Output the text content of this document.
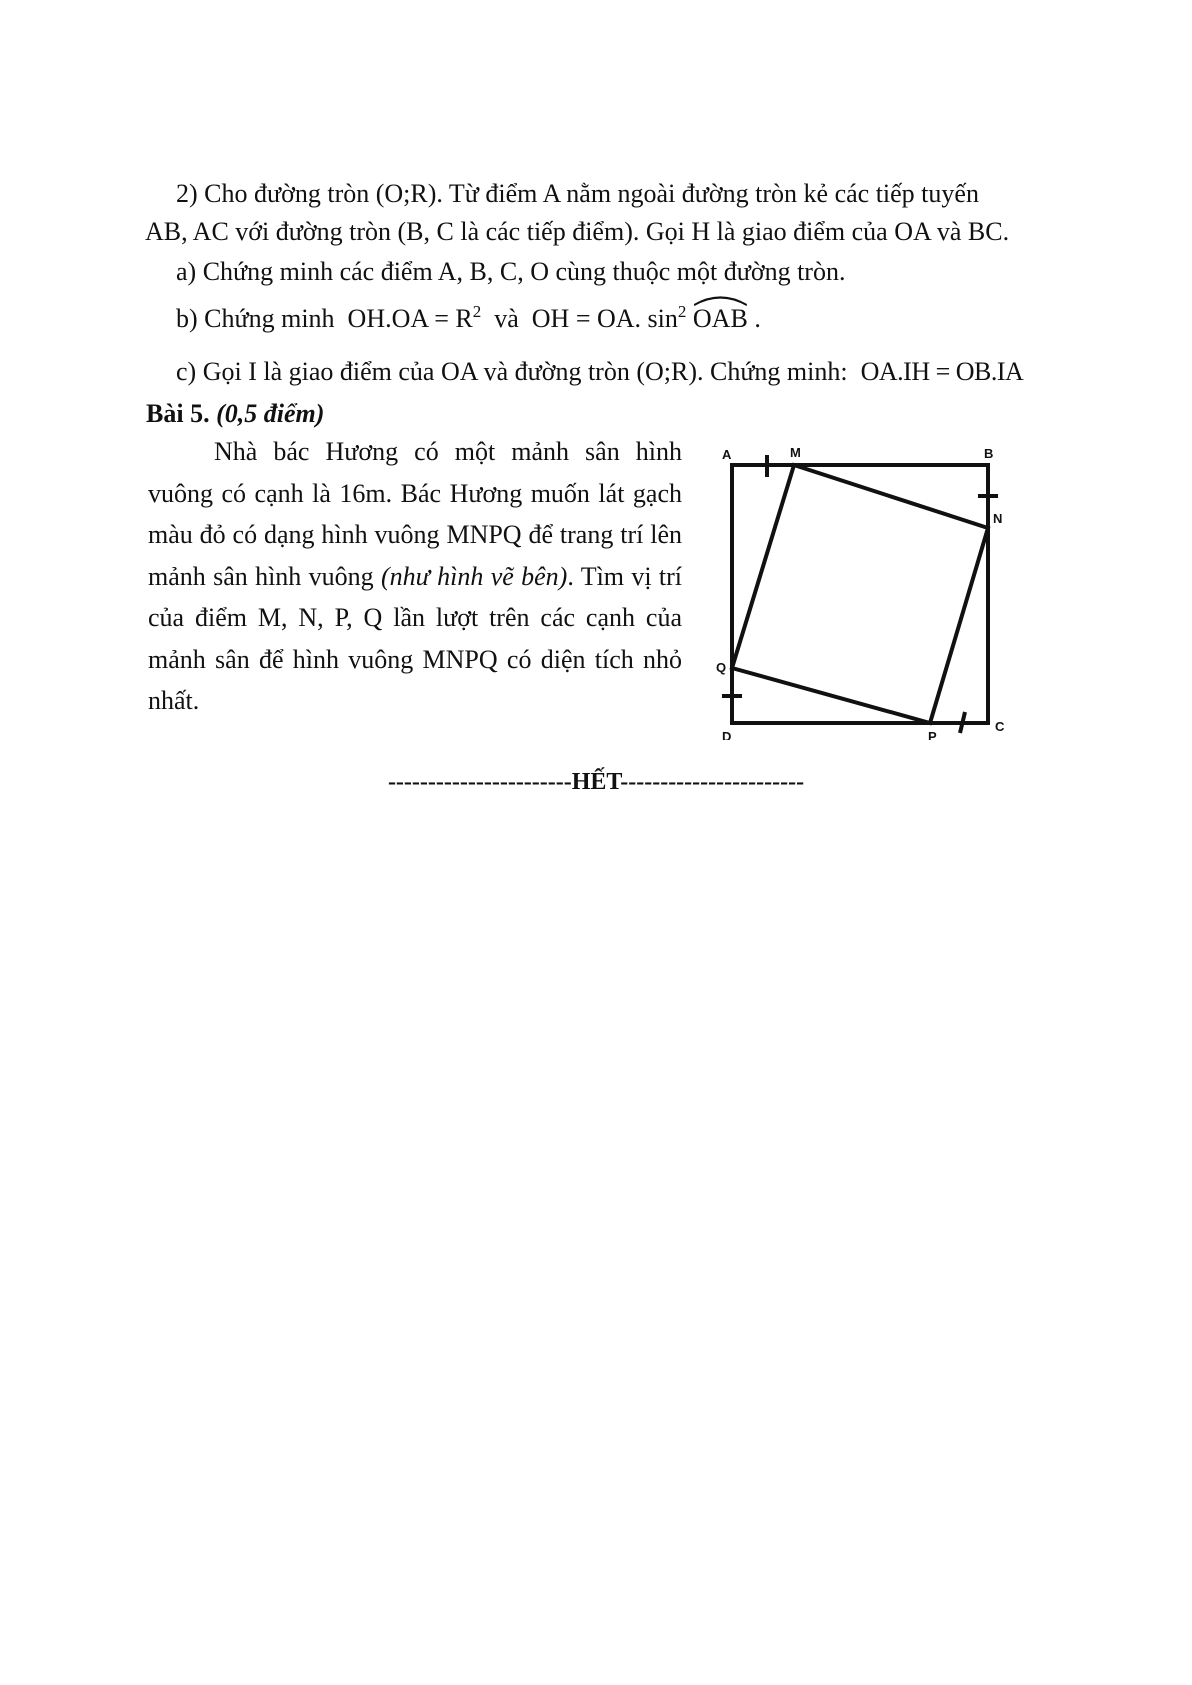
2) Cho đường tròn (O;R). Từ điểm A nằm ngoài đường tròn kẻ các tiếp tuyến
AB, AC với đường tròn (B, C là các tiếp điểm). Gọi H là giao điểm của OA và BC.
a) Chứng minh các điểm A, B, C, O cùng thuộc một đường tròn.
b) Chứng minh $OH.OA = R^2$ và OH = OA. $\sin^2$ OAB .
c) Gọi I là giao điểm của OA và đường tròn (O;R). Chứng minh: OA.IH = OB.IA
Bài 5. (0,5 điểm)
Nhà bác Hương có một mảnh sân hình vuông có cạnh là 16m. Bác Hương muốn lát gạch màu đỏ có dạng hình vuông MNPQ để trang trí lên mảnh sân hình vuông (như hình vẽ bên). Tìm vị trí của điểm M, N, P, Q lần lượt trên các cạnh của mảnh sân để hình vuông MNPQ có diện tích nhỏ nhất.
A	M	B
N
Q
D	P
C
-----------------------HẾT-----------------------
